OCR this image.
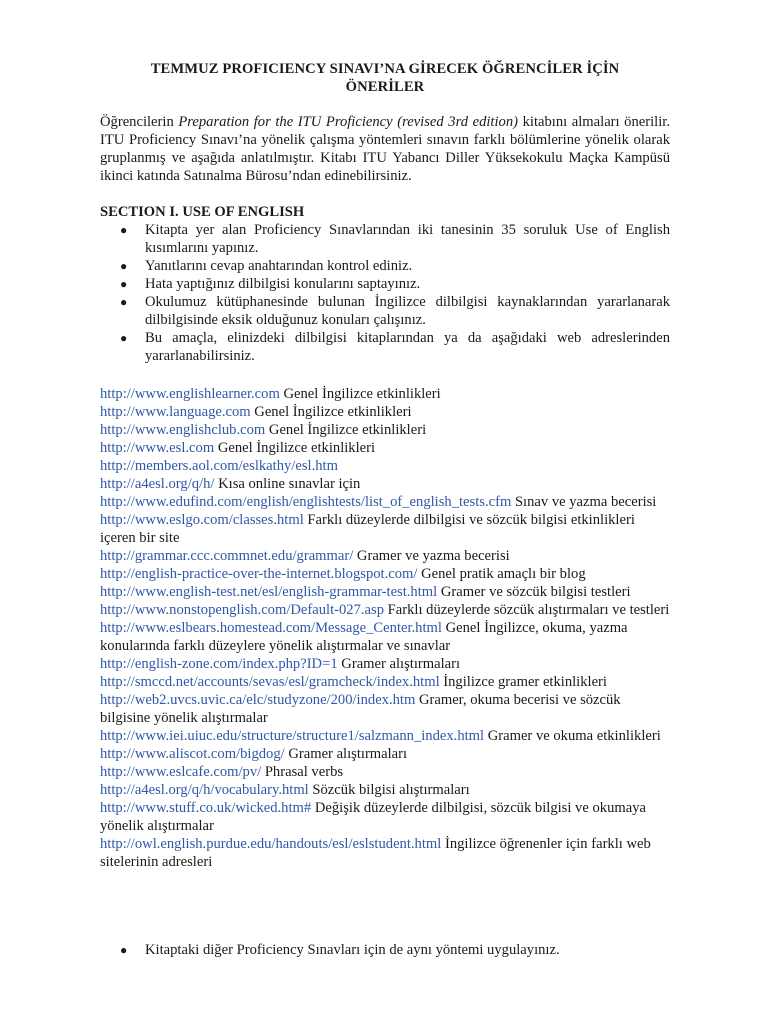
TEMMUZ PROFICIENCY SINAVI’NA GİRECEK ÖĞRENCİLER İÇİN
ÖNERİLER
Öğrencilerin Preparation for the ITU Proficiency (revised 3rd edition) kitabını almaları önerilir. ITU Proficiency Sınavı’na yönelik çalışma yöntemleri sınavın farklı bölümlerine yönelik olarak gruplanmış ve aşağıda anlatılmıştır. Kitabı ITU Yabancı Diller Yüksekokulu Maçka Kampüsü ikinci katında Satınalma Bürosu’ndan edinebilirsiniz.
SECTION I. USE OF ENGLISH
● Kitapta yer alan Proficiency Sınavlarından iki tanesinin 35 soruluk Use of English kısımlarını yapınız.
● Yanıtlarını cevap anahtarından kontrol ediniz.
● Hata yaptığınız dilbilgisi konularını saptayınız.
● Okulumuz kütüphanesinde bulunan İngilizce dilbilgisi kaynaklarından yararlanarak dilbilgisinde eksik olduğunuz konuları çalışınız.
● Bu amaçla, elinizdeki dilbilgisi kitaplarından ya da aşağıdaki web adreslerinden yararlanabilirsiniz.
http://www.englishlearner.com Genel İngilizce etkinlikleri
http://www.language.com Genel İngilizce etkinlikleri
http://www.englishclub.com Genel İngilizce etkinlikleri
http://www.esl.com Genel İngilizce etkinlikleri
http://members.aol.com/eslkathy/esl.htm
http://a4esl.org/q/h/ Kısa online sınavlar için
http://www.edufind.com/english/englishtests/list_of_english_tests.cfm Sınav ve yazma becerisi
http://www.eslgo.com/classes.html Farklı düzeylerde dilbilgisi ve sözcük bilgisi etkinlikleri içeren bir site
http://grammar.ccc.commnet.edu/grammar/ Gramer ve yazma becerisi
http://english-practice-over-the-internet.blogspot.com/ Genel pratik amaçlı bir blog
http://www.english-test.net/esl/english-grammar-test.html Gramer ve sözcük bilgisi testleri
http://www.nonstopenglish.com/Default-027.asp Farklı düzeylerde sözcük alıştırmaları ve testleri
http://www.eslbears.homestead.com/Message_Center.html Genel İngilizce, okuma, yazma konularında farklı düzeylere yönelik alıştırmalar ve sınavlar
http://english-zone.com/index.php?ID=1 Gramer alıştırmaları
http://smccd.net/accounts/sevas/esl/gramcheck/index.html İngilizce gramer etkinlikleri
http://web2.uvcs.uvic.ca/elc/studyzone/200/index.htm Gramer, okuma becerisi ve sözcük bilgisine yönelik alıştırmalar
http://www.iei.uiuc.edu/structure/structure1/salzmann_index.html Gramer ve okuma etkinlikleri
http://www.aliscot.com/bigdog/ Gramer alıştırmaları
http://www.eslcafe.com/pv/ Phrasal verbs
http://a4esl.org/q/h/vocabulary.html Sözcük bilgisi alıştırmaları
http://www.stuff.co.uk/wicked.htm# Değişik düzeylerde dilbilgisi, sözcük bilgisi ve okumaya yönelik alıştırmalar
http://owl.english.purdue.edu/handouts/esl/eslstudent.html İngilizce öğrenenler için farklı web sitelerinin adresleri
● Kitaptaki diğer Proficiency Sınavları için de aynı yöntemi uygulayınız.
